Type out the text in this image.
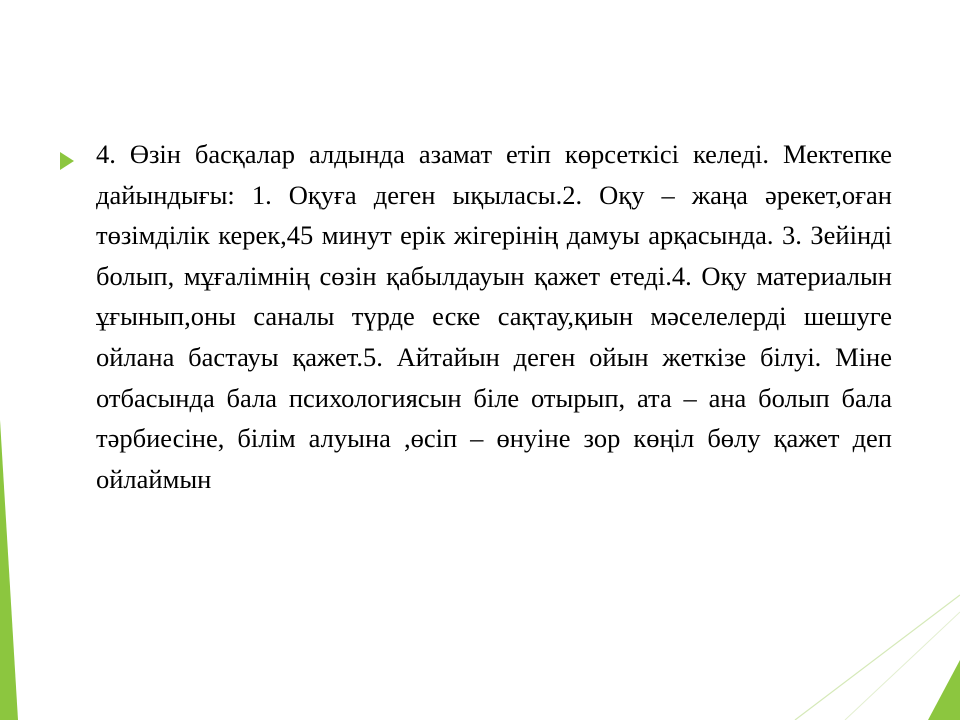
4. Өзін басқалар алдында азамат етіп көрсеткісі келеді. Мектепке дайындығы: 1. Оқуға деген ықыласы.2. Оқу – жаңа әрекет,оған төзімділік керек,45 минут ерік жігерінің дамуы арқасында. 3. Зейінді болып, мұғалімнің сөзін қабылдауын қажет етеді.4. Оқу материалын ұғынып,оны саналы түрде еске сақтау,қиын мәселелерді шешуге ойлана бастауы қажет.5. Айтайын деген ойын жеткізе білуі. Міне отбасында бала психологиясын біле отырып, ата – ана болып бала тәрбиесіне, білім алуына ,өсіп – өнуіне зор көңіл бөлу қажет деп ойлаймын
